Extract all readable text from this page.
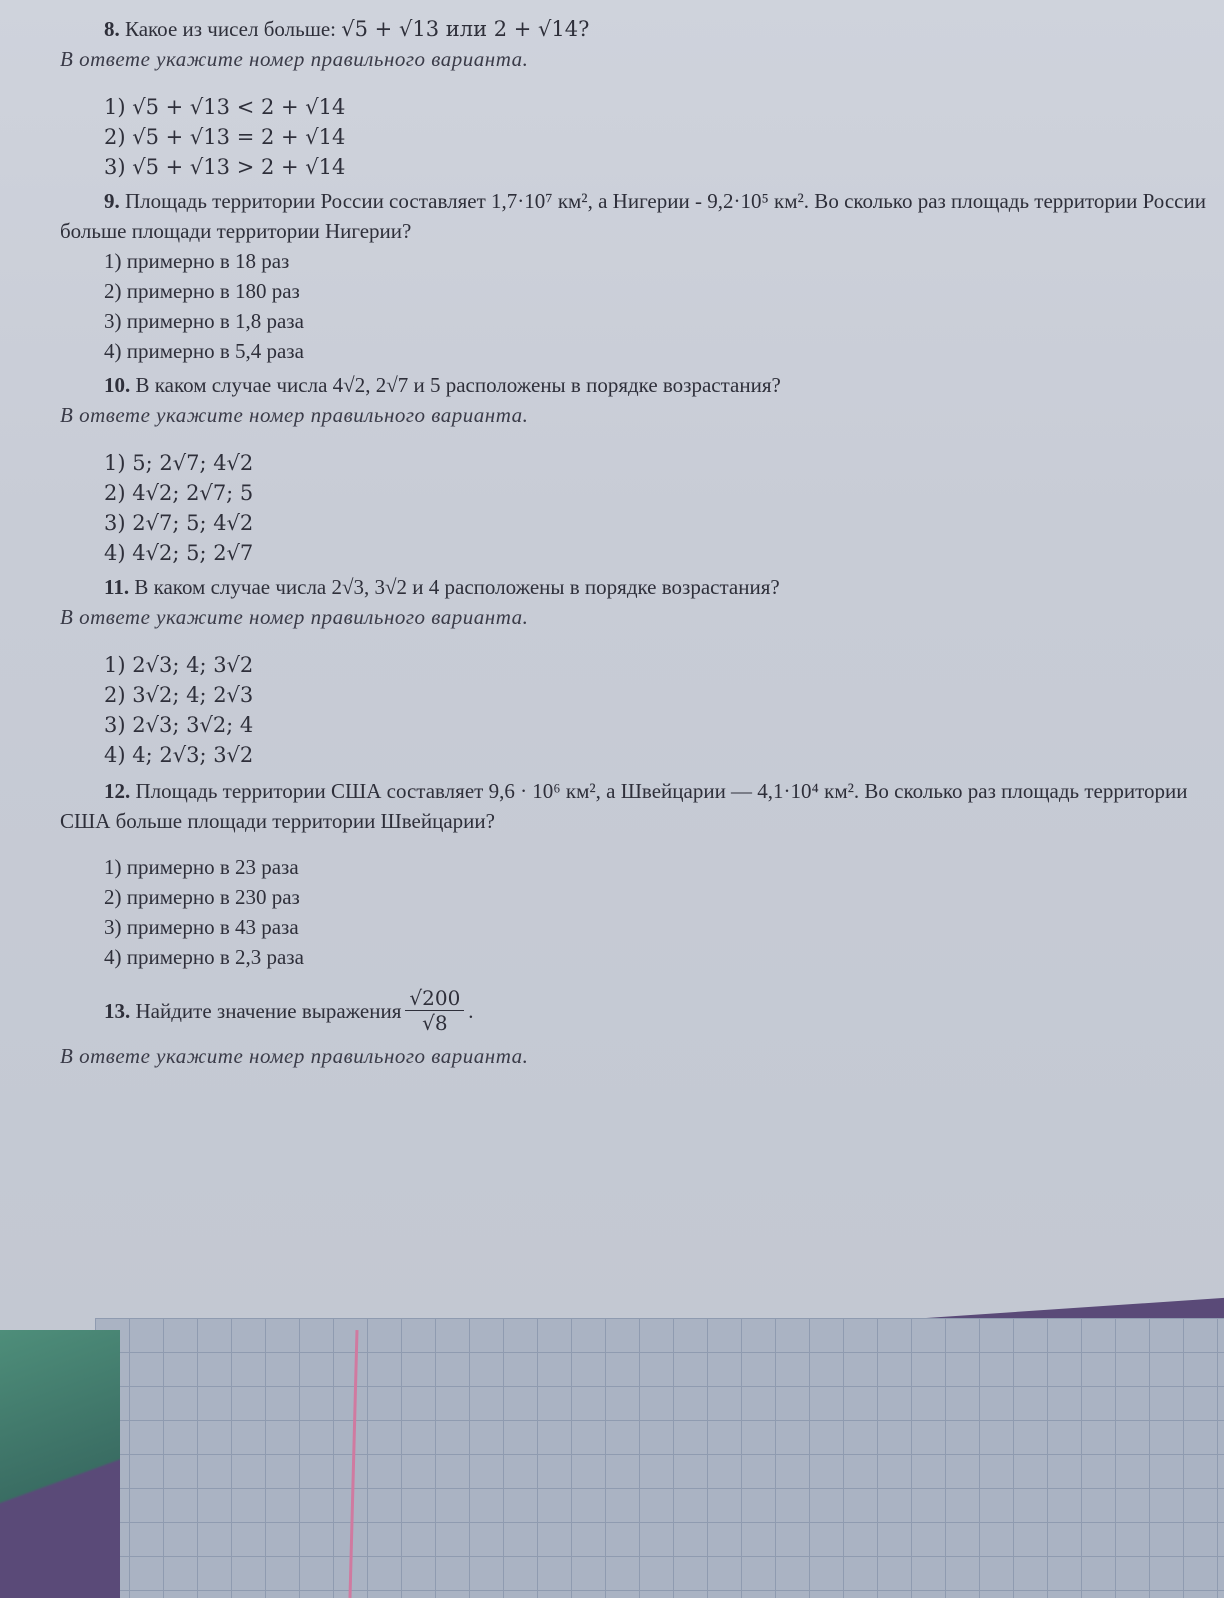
8. Какое из чисел больше: √5 + √13 или 2 + √14?

В ответе укажите номер правильного варианта.

1) √5 + √13 < 2 + √14
2) √5 + √13 = 2 + √14
3) √5 + √13 > 2 + √14

9. Площадь территории России составляет 1,7·10⁷ км², а Нигерии - 9,2·10⁵ км². Во сколько раз площадь территории России больше площади территории Нигерии?

1) примерно в 18 раз
2) примерно в 180 раз
3) примерно в 1,8 раза
4) примерно в 5,4 раза

10. В каком случае числа 4√2, 2√7 и 5 расположены в порядке возрастания?

В ответе укажите номер правильного варианта.

1) 5; 2√7; 4√2
2) 4√2; 2√7; 5
3) 2√7; 5; 4√2
4) 4√2; 5; 2√7

11. В каком случае числа 2√3, 3√2 и 4 расположены в порядке возрастания?

В ответе укажите номер правильного варианта.

1) 2√3; 4; 3√2
2) 3√2; 4; 2√3
3) 2√3; 3√2; 4
4) 4; 2√3; 3√2

12. Площадь территории США составляет 9,6 · 10⁶ км², а Швейцарии — 4,1·10⁴ км². Во сколько раз площадь территории США больше площади территории Швейцарии?

1) примерно в 23 раза
2) примерно в 230 раз
3) примерно в 43 раза
4) примерно в 2,3 раза
13.
Найдите значение выражения $\frac{√200}{√8}$ .

В ответе укажите номер правильного варианта.
